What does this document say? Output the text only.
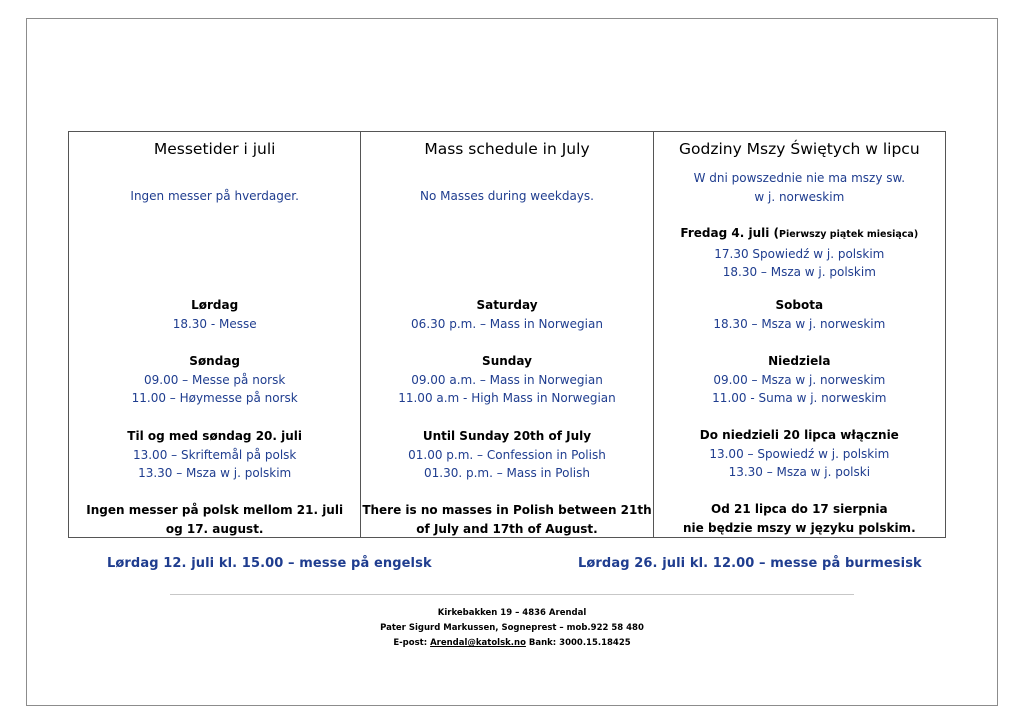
Messetider i juli
Ingen messer på hverdager.
Lørdag
18.30 - Messe
Søndag
09.00 – Messe på norsk
11.00 – Høymesse på norsk
Til og med søndag 20. juli
13.00 – Skriftemål på polsk
13.30 – Msza w j. polskim
Ingen messer på polsk mellom 21. juli
og 17. august.
Mass schedule in July
No Masses during weekdays.
Saturday
06.30 p.m. – Mass in Norwegian
Sunday
09.00 a.m. – Mass in Norwegian
11.00 a.m - High Mass in Norwegian
Until Sunday 20th of July
01.00 p.m. – Confession in Polish
01.30. p.m. – Mass in Polish
There is no masses in Polish between 21th
of July and 17th of August.
Godziny Mszy Świętych w lipcu
W dni powszednie nie ma mszy sw.
w j. norweskim
Fredag 4. juli (Pierwszy piątek miesiąca)
17.30 Spowiedź w j. polskim
18.30 – Msza w j. polskim
Sobota
18.30 – Msza w j. norweskim
Niedziela
09.00 – Msza w j. norweskim
11.00 - Suma w j. norweskim
Do niedzieli 20 lipca włącznie
13.00 – Spowiedź w j. polskim
13.30 – Msza w j. polski
Od 21 lipca do 17 sierpnia
nie będzie mszy w języku polskim.
Lørdag 12. juli kl. 15.00 – messe på engelsk	Lørdag 26. juli kl. 12.00 – messe på burmesisk
Kirkebakken 19 – 4836 Arendal
Pater Sigurd Markussen, Sogneprest – mob.922 58 480
E-post: Arendal@katolsk.no Bank: 3000.15.18425
